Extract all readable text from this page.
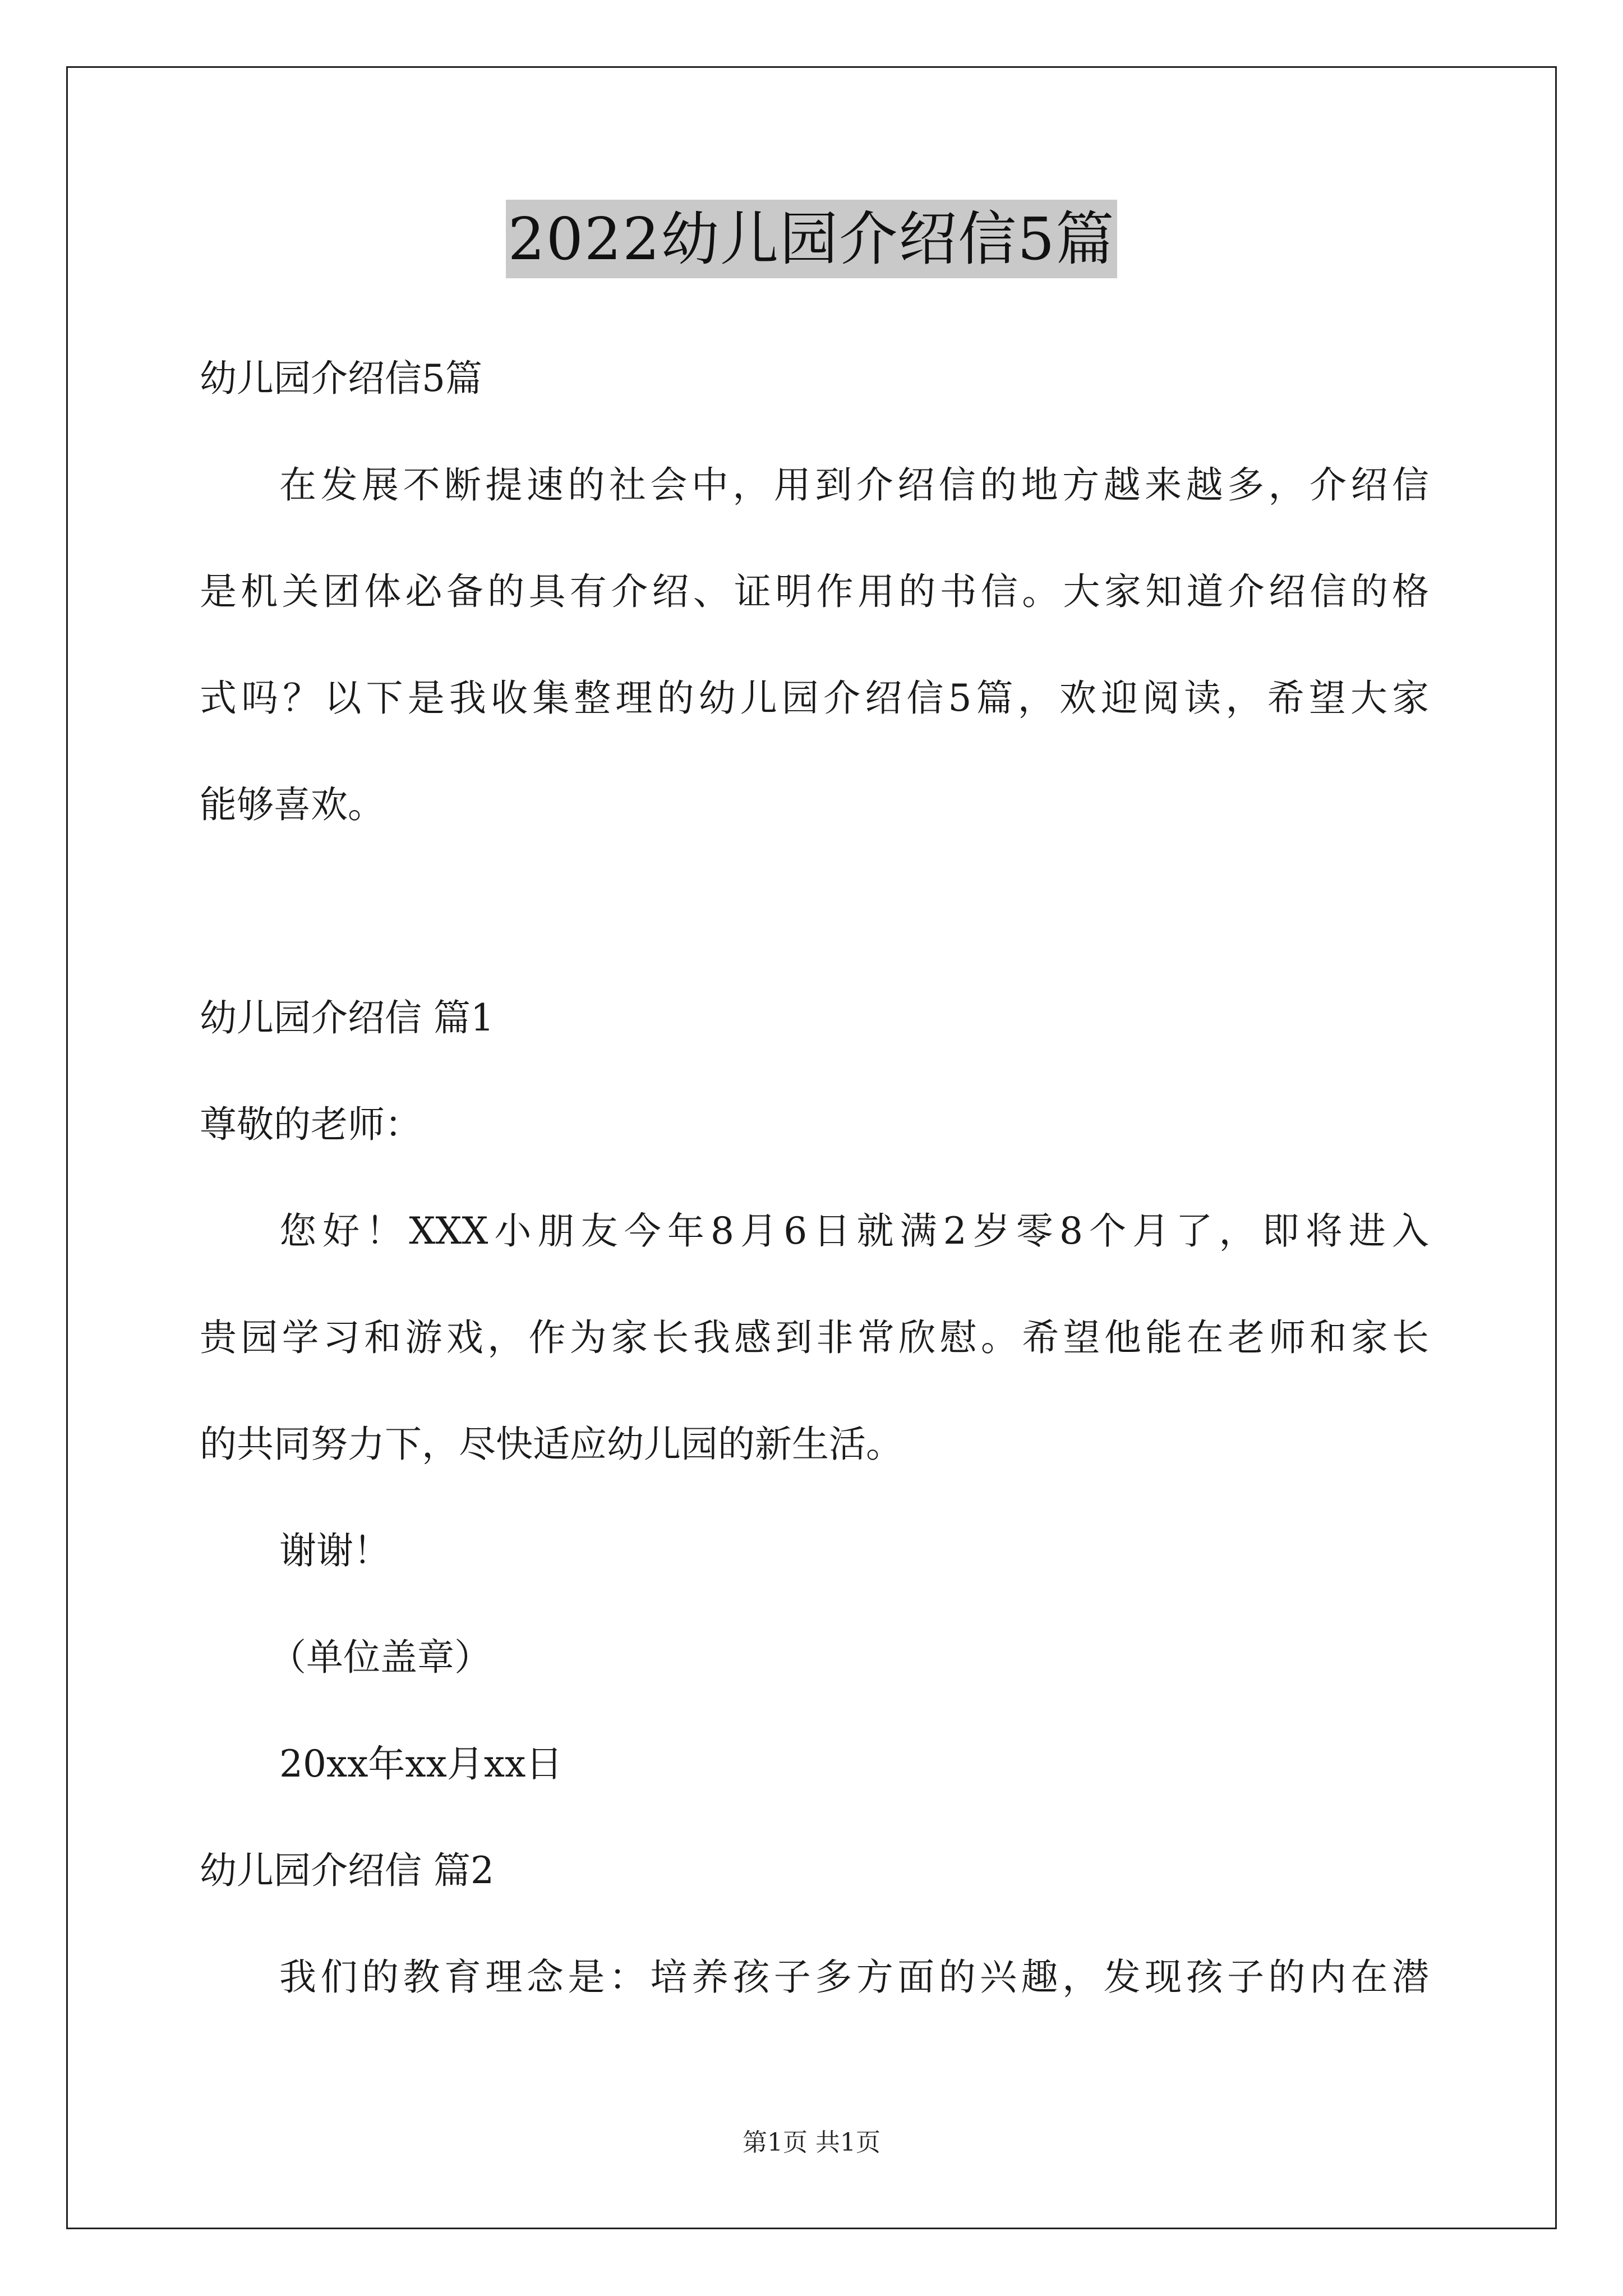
2022幼儿园介绍信5篇
幼儿园介绍信5篇
在发展不断提速的社会中，用到介绍信的地方越来越多，介绍信
是机关团体必备的具有介绍、证明作用的书信。大家知道介绍信的格
式吗？以下是我收集整理的幼儿园介绍信5篇，欢迎阅读，希望大家
能够喜欢。
幼儿园介绍信 篇1
尊敬的老师：
您好！XXX小朋友今年8月6日就满2岁零8个月了，即将进入
贵园学习和游戏，作为家长我感到非常欣慰。希望他能在老师和家长
的共同努力下，尽快适应幼儿园的新生活。
谢谢！
（单位盖章）
20xx年xx月xx日
幼儿园介绍信 篇2
我们的教育理念是：培养孩子多方面的兴趣，发现孩子的内在潜
第1页 共1页
